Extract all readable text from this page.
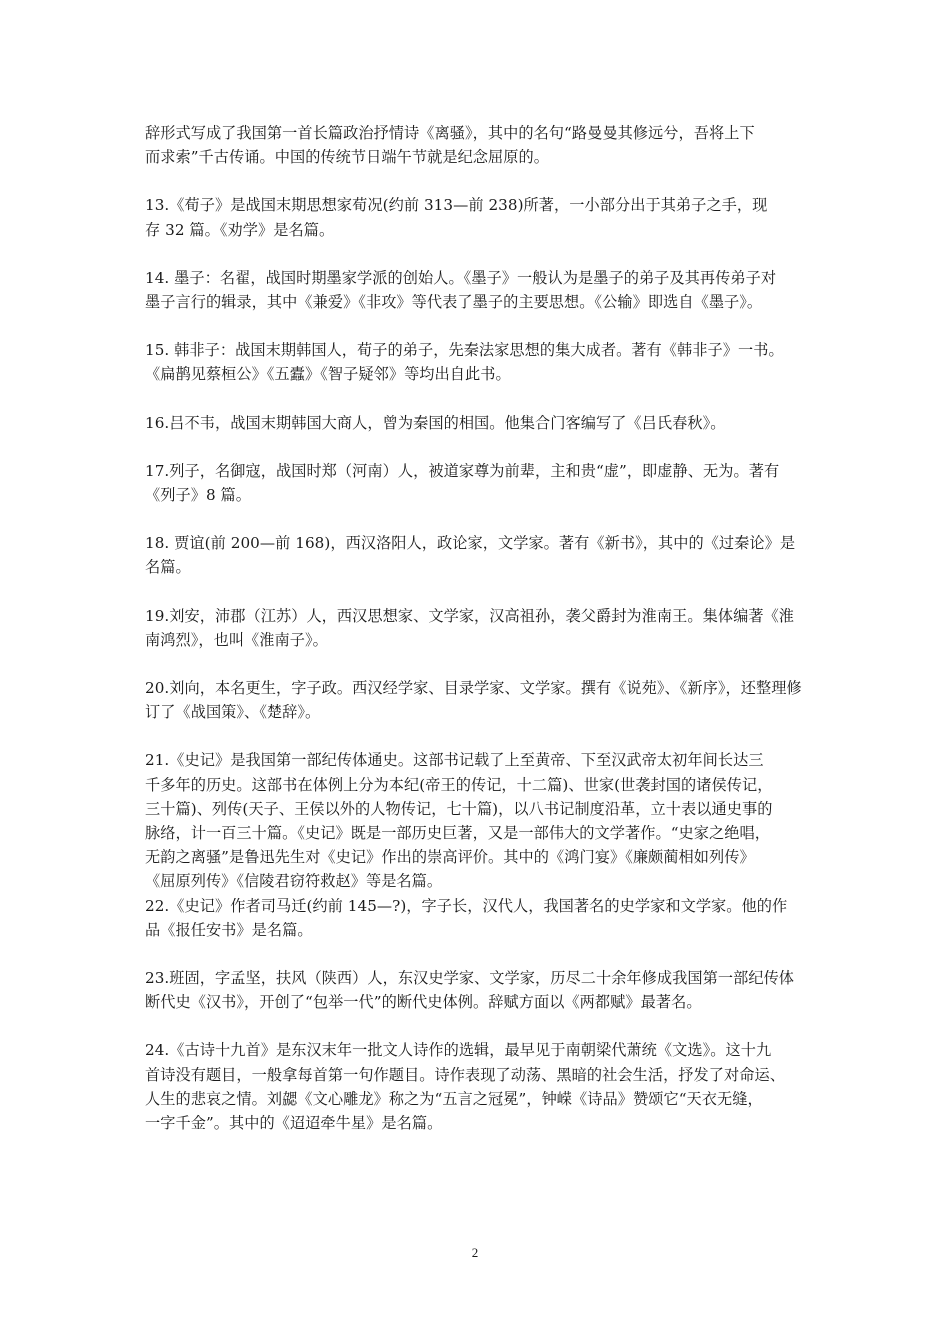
辞形式写成了我国第一首长篇政治抒情诗《离骚》，其中的名句“路曼曼其修远兮，吾将上下
而求索”千古传诵。中国的传统节日端午节就是纪念屈原的。

13.《荀子》是战国末期思想家荀况(约前 313—前 238)所著，一小部分出于其弟子之手，现
存 32 篇。《劝学》是名篇。

14. 墨子：名翟，战国时期墨家学派的创始人。《墨子》一般认为是墨子的弟子及其再传弟子对
墨子言行的辑录，其中《兼爱》《非攻》等代表了墨子的主要思想。《公输》即选自《墨子》。

15. 韩非子：战国末期韩国人，荀子的弟子，先秦法家思想的集大成者。著有《韩非子》一书。
《扁鹊见蔡桓公》《五蠹》《智子疑邻》等均出自此书。

16.吕不韦，战国末期韩国大商人，曾为秦国的相国。他集合门客编写了《吕氏春秋》。

17.列子，名御寇，战国时郑（河南）人，被道家尊为前辈，主和贵“虚”，即虚静、无为。著有
《列子》8 篇。

18. 贾谊(前 200—前 168)，西汉洛阳人，政论家，文学家。著有《新书》，其中的《过秦论》是
名篇。

19.刘安，沛郡（江苏）人，西汉思想家、文学家，汉高祖孙，袭父爵封为淮南王。集体编著《淮
南鸿烈》，也叫《淮南子》。

20.刘向，本名更生，字子政。西汉经学家、目录学家、文学家。撰有《说苑》、《新序》，还整理修
订了《战国策》、《楚辞》。

21.《史记》是我国第一部纪传体通史。这部书记载了上至黄帝、下至汉武帝太初年间长达三
千多年的历史。这部书在体例上分为本纪(帝王的传记，十二篇)、世家(世袭封国的诸侯传记，
三十篇)、列传(天子、王侯以外的人物传记，七十篇)，以八书记制度沿革，立十表以通史事的
脉络，计一百三十篇。《史记》既是一部历史巨著，又是一部伟大的文学著作。“史家之绝唱，
无韵之离骚”是鲁迅先生对《史记》作出的崇高评价。其中的《鸿门宴》《廉颇蔺相如列传》
《屈原列传》《信陵君窃符救赵》等是名篇。

22.《史记》作者司马迁(约前 145—?)，字子长，汉代人，我国著名的史学家和文学家。他的作
品《报任安书》是名篇。

23.班固，字孟坚，扶风（陕西）人，东汉史学家、文学家，历尽二十余年修成我国第一部纪传体
断代史《汉书》，开创了“包举一代”的断代史体例。辞赋方面以《两都赋》最著名。

24.《古诗十九首》是东汉末年一批文人诗作的选辑，最早见于南朝梁代萧统《文选》。这十九
首诗没有题目，一般拿每首第一句作题目。诗作表现了动荡、黑暗的社会生活，抒发了对命运、
人生的悲哀之情。刘勰《文心雕龙》称之为“五言之冠冕”，钟嵘《诗品》赞颂它“天衣无缝，
一字千金”。其中的《迢迢牵牛星》是名篇。

2
